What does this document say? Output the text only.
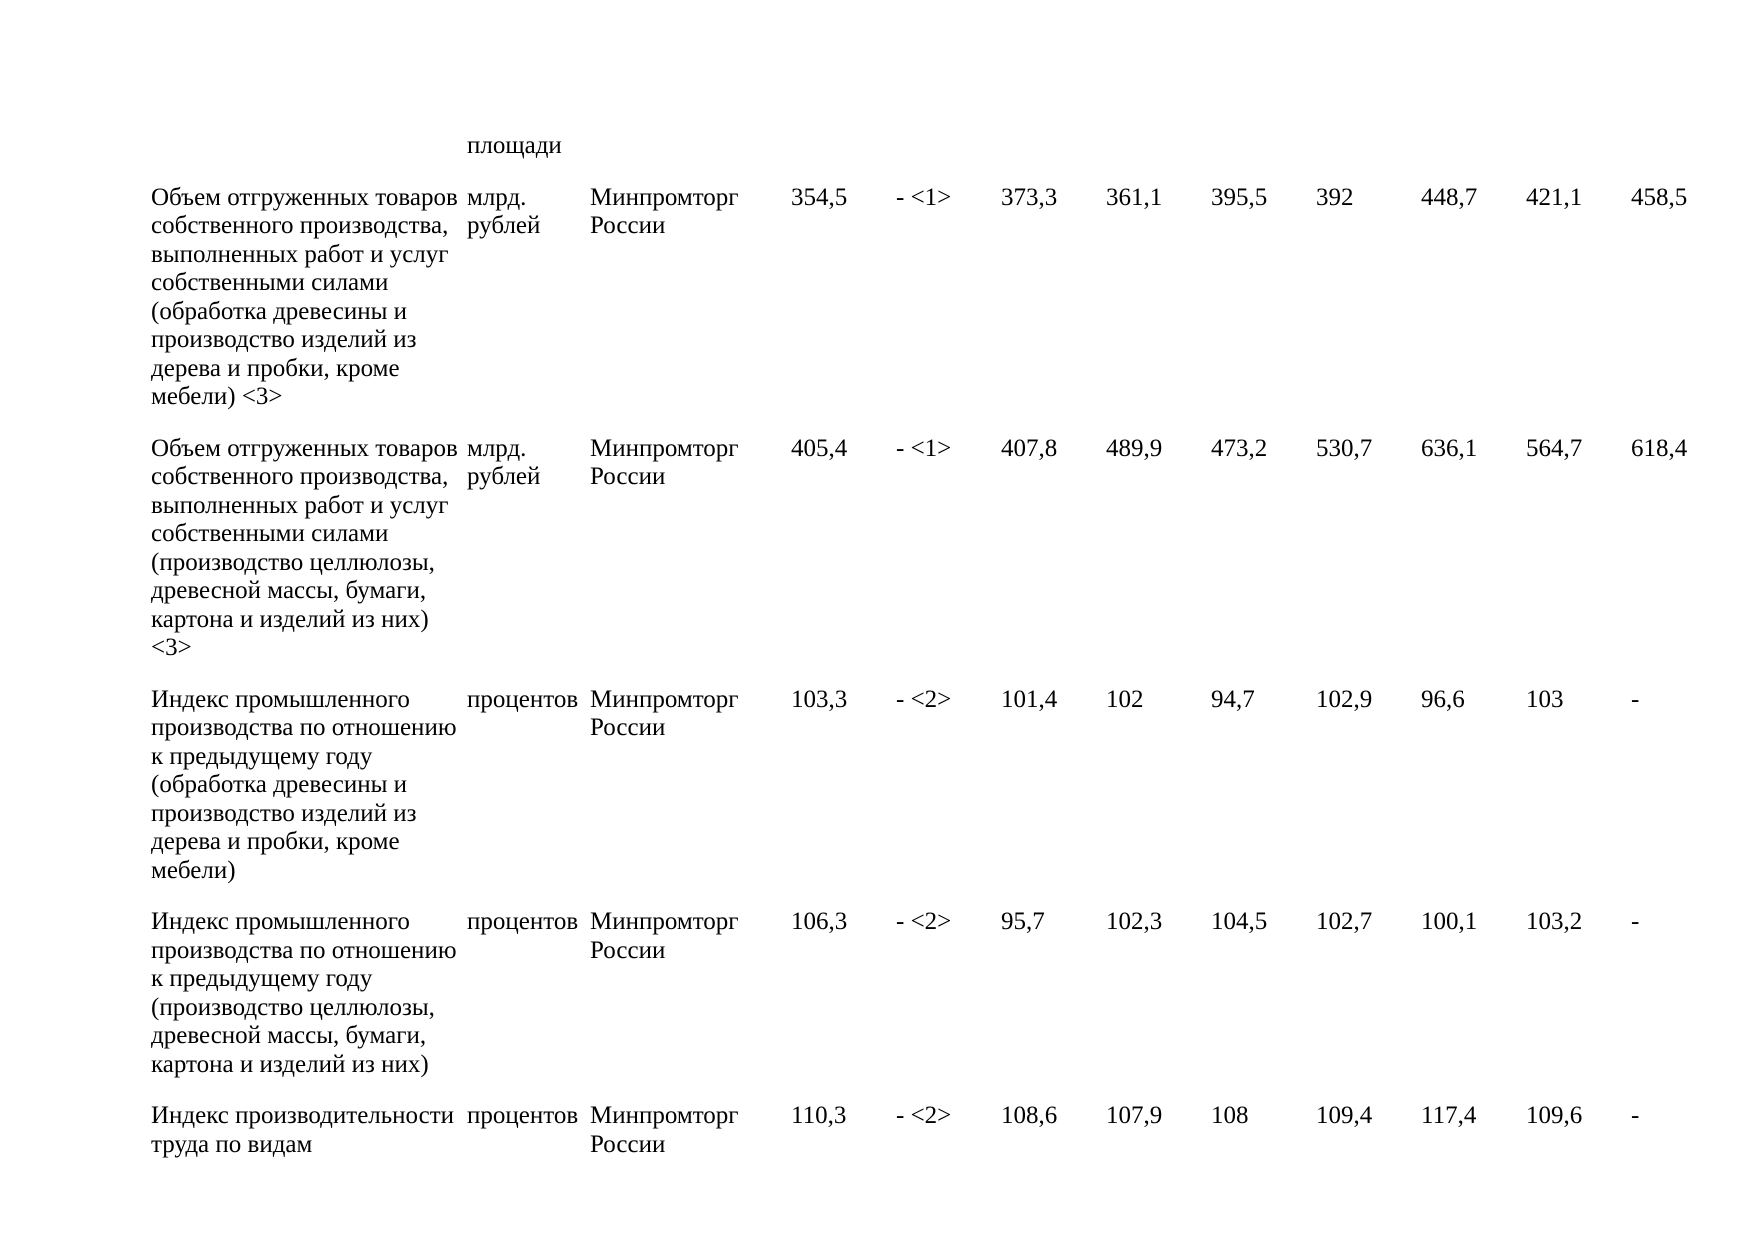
	площади										
Объем отгруженных товаров собственного производства, выполненных работ и услуг собственными силами (обработка древесины и производство изделий из дерева и пробки, кроме мебели) <3>	млрд. рублей	Минпромторг России	354,5	- <1>	373,3	361,1	395,5	392	448,7	421,1	458,5
Объем отгруженных товаров собственного производства, выполненных работ и услуг собственными силами (производство целлюлозы, древесной массы, бумаги, картона и изделий из них) <3>	млрд. рублей	Минпромторг России	405,4	- <1>	407,8	489,9	473,2	530,7	636,1	564,7	618,4
Индекс промышленного производства по отношению к предыдущему году (обработка древесины и производство изделий из дерева и пробки, кроме мебели)	процентов	Минпромторг России	103,3	- <2>	101,4	102	94,7	102,9	96,6	103	-
Индекс промышленного производства по отношению к предыдущему году (производство целлюлозы, древесной массы, бумаги, картона и изделий из них)	процентов	Минпромторг России	106,3	- <2>	95,7	102,3	104,5	102,7	100,1	103,2	-
Индекс производительности труда по видам	процентов	Минпромторг России	110,3	- <2>	108,6	107,9	108	109,4	117,4	109,6	-
